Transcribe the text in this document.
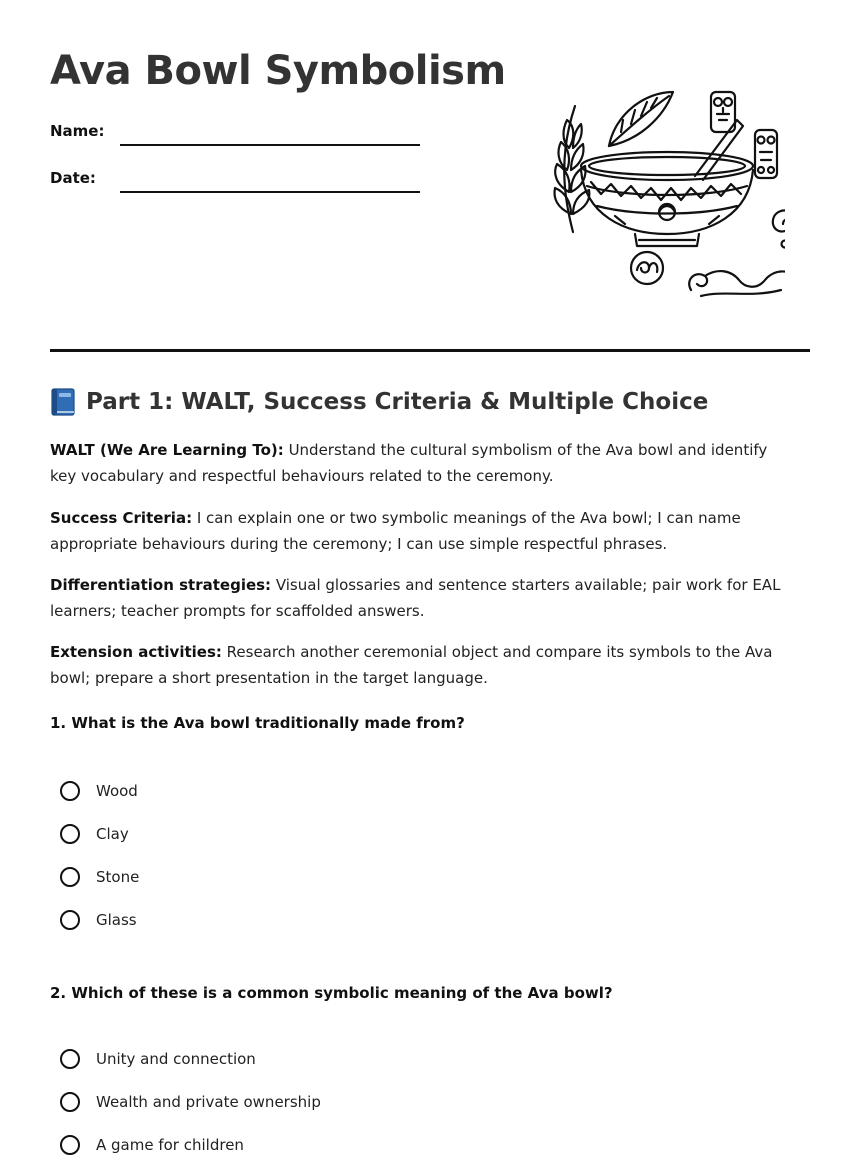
Ava Bowl Symbolism
Name:
Date:
Part 1: WALT, Success Criteria & Multiple Choice

WALT (We Are Learning To): Understand the cultural symbolism of the Ava bowl and identify key vocabulary and respectful behaviours related to the ceremony.

Success Criteria: I can explain one or two symbolic meanings of the Ava bowl; I can name appropriate behaviours during the ceremony; I can use simple respectful phrases.

Differentiation strategies: Visual glossaries and sentence starters available; pair work for EAL learners; teacher prompts for scaffolded answers.

Extension activities: Research another ceremonial object and compare its symbols to the Ava bowl; prepare a short presentation in the target language.

1. What is the Ava bowl traditionally made from?

Wood
Clay
Stone
Glass

2. Which of these is a common symbolic meaning of the Ava bowl?

Unity and connection
Wealth and private ownership
A game for children
